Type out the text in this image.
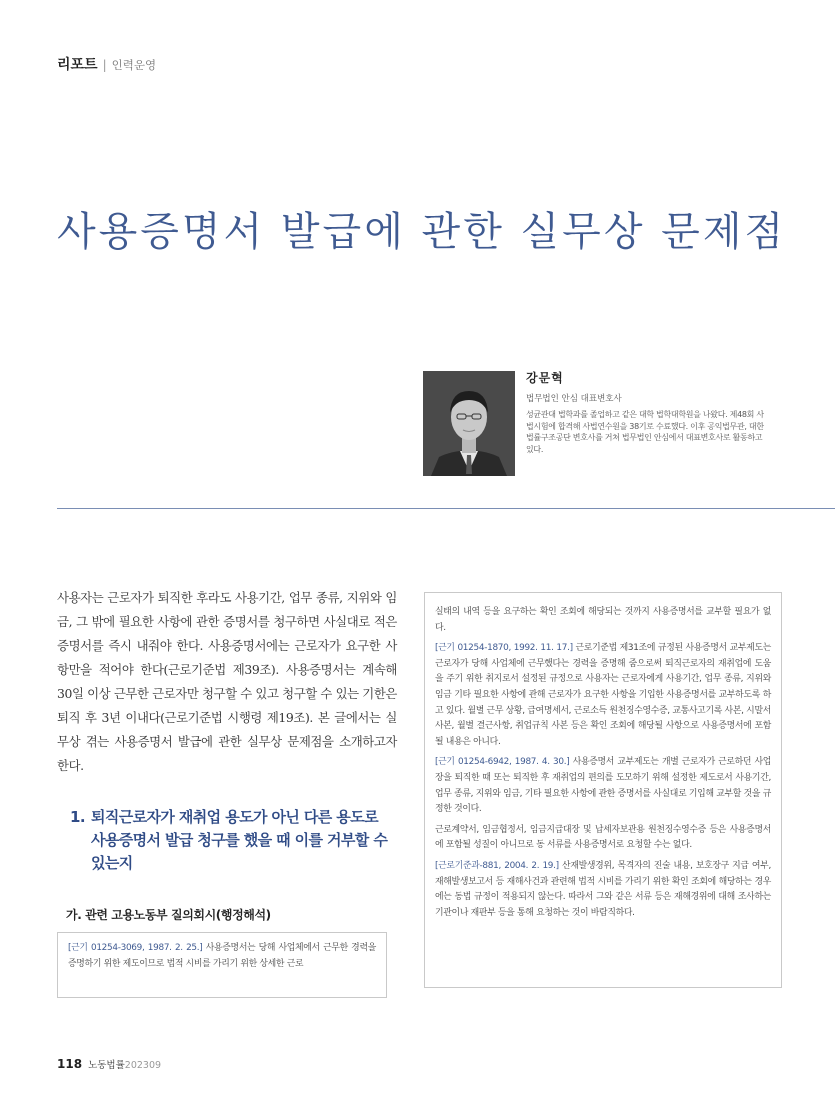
리포트 | 인력운영
사용증명서 발급에 관한 실무상 문제점
강문혁
법무법인 안심 대표변호사
성균관대 법학과를 졸업하고 같은 대학 법학대학원을 나왔다. 제48회 사법시험에 합격해 사법연수원을 38기로 수료했다. 이후 공익법무관, 대한법률구조공단 변호사를 거쳐 법무법인 안심에서 대표변호사로 활동하고 있다.
사용자는 근로자가 퇴직한 후라도 사용기간, 업무 종류, 지위와 임금, 그 밖에 필요한 사항에 관한 증명서를 청구하면 사실대로 적은 증명서를 즉시 내줘야 한다. 사용증명서에는 근로자가 요구한 사항만을 적어야 한다(근로기준법 제39조). 사용증명서는 계속해 30일 이상 근무한 근로자만 청구할 수 있고 청구할 수 있는 기한은 퇴직 후 3년 이내다(근로기준법 시행령 제19조). 본 글에서는 실무상 겪는 사용증명서 발급에 관한 실무상 문제점을 소개하고자 한다.
1. 퇴직근로자가 재취업 용도가 아닌 다른 용도로 사용증명서 발급 청구를 했을 때 이를 거부할 수 있는지
가. 관련 고용노동부 질의회시(행정해석)

[근기 01254-3069, 1987. 2. 25.] 사용증명서는 당해 사업체에서 근무한 경력을 증명하기 위한 제도이므로 법적 시비를 가리기 위한 상세한 근로

실태의 내역 등을 요구하는 확인 조회에 해당되는 것까지 사용증명서를 교부할 필요가 없다.

[근기 01254-1870, 1992. 11. 17.] 근로기준법 제31조에 규정된 사용증명서 교부제도는 근로자가 당해 사업체에 근무했다는 경력을 증명해 줌으로써 퇴직근로자의 재취업에 도움을 주기 위한 취지로서 설정된 규정으로 사용자는 근로자에게 사용기간, 업무 종류, 지위와 임금 기타 필요한 사항에 관해 근로자가 요구한 사항을 기입한 사용증명서를 교부하도록 하고 있다. 월별 근무 상황, 급여명세서, 근로소득 원천징수영수증, 교통사고기록 사본, 시말서 사본, 월별 결근사항, 취업규칙 사본 등은 확인 조회에 해당될 사항으로 사용증명서에 포함될 내용은 아니다.

[근기 01254-6942, 1987. 4. 30.] 사용증명서 교부제도는 개별 근로자가 근로하던 사업장을 퇴직한 때 또는 퇴직한 후 재취업의 편의를 도모하기 위해 설정한 제도로서 사용기간, 업무 종류, 지위와 임금, 기타 필요한 사항에 관한 증명서를 사실대로 기입해 교부할 것을 규정한 것이다.

근로계약서, 임금협정서, 임금지급대장 및 납세자보관용 원천징수영수증 등은 사용증명서에 포함될 성질이 아니므로 동 서류를 사용증명서로 요청할 수는 없다.

[근로기준과-881, 2004. 2. 19.] 산재발생경위, 목격자의 진술 내용, 보호장구 지급 여부, 재해발생보고서 등 재해사건과 관련해 법적 시비를 가리기 위한 확인 조회에 해당하는 경우에는 동법 규정이 적용되지 않는다. 따라서 그와 같은 서류 등은 재해경위에 대해 조사하는 기관이나 재판부 등을 통해 요청하는 것이 바람직하다.

118 노동법률 202309
